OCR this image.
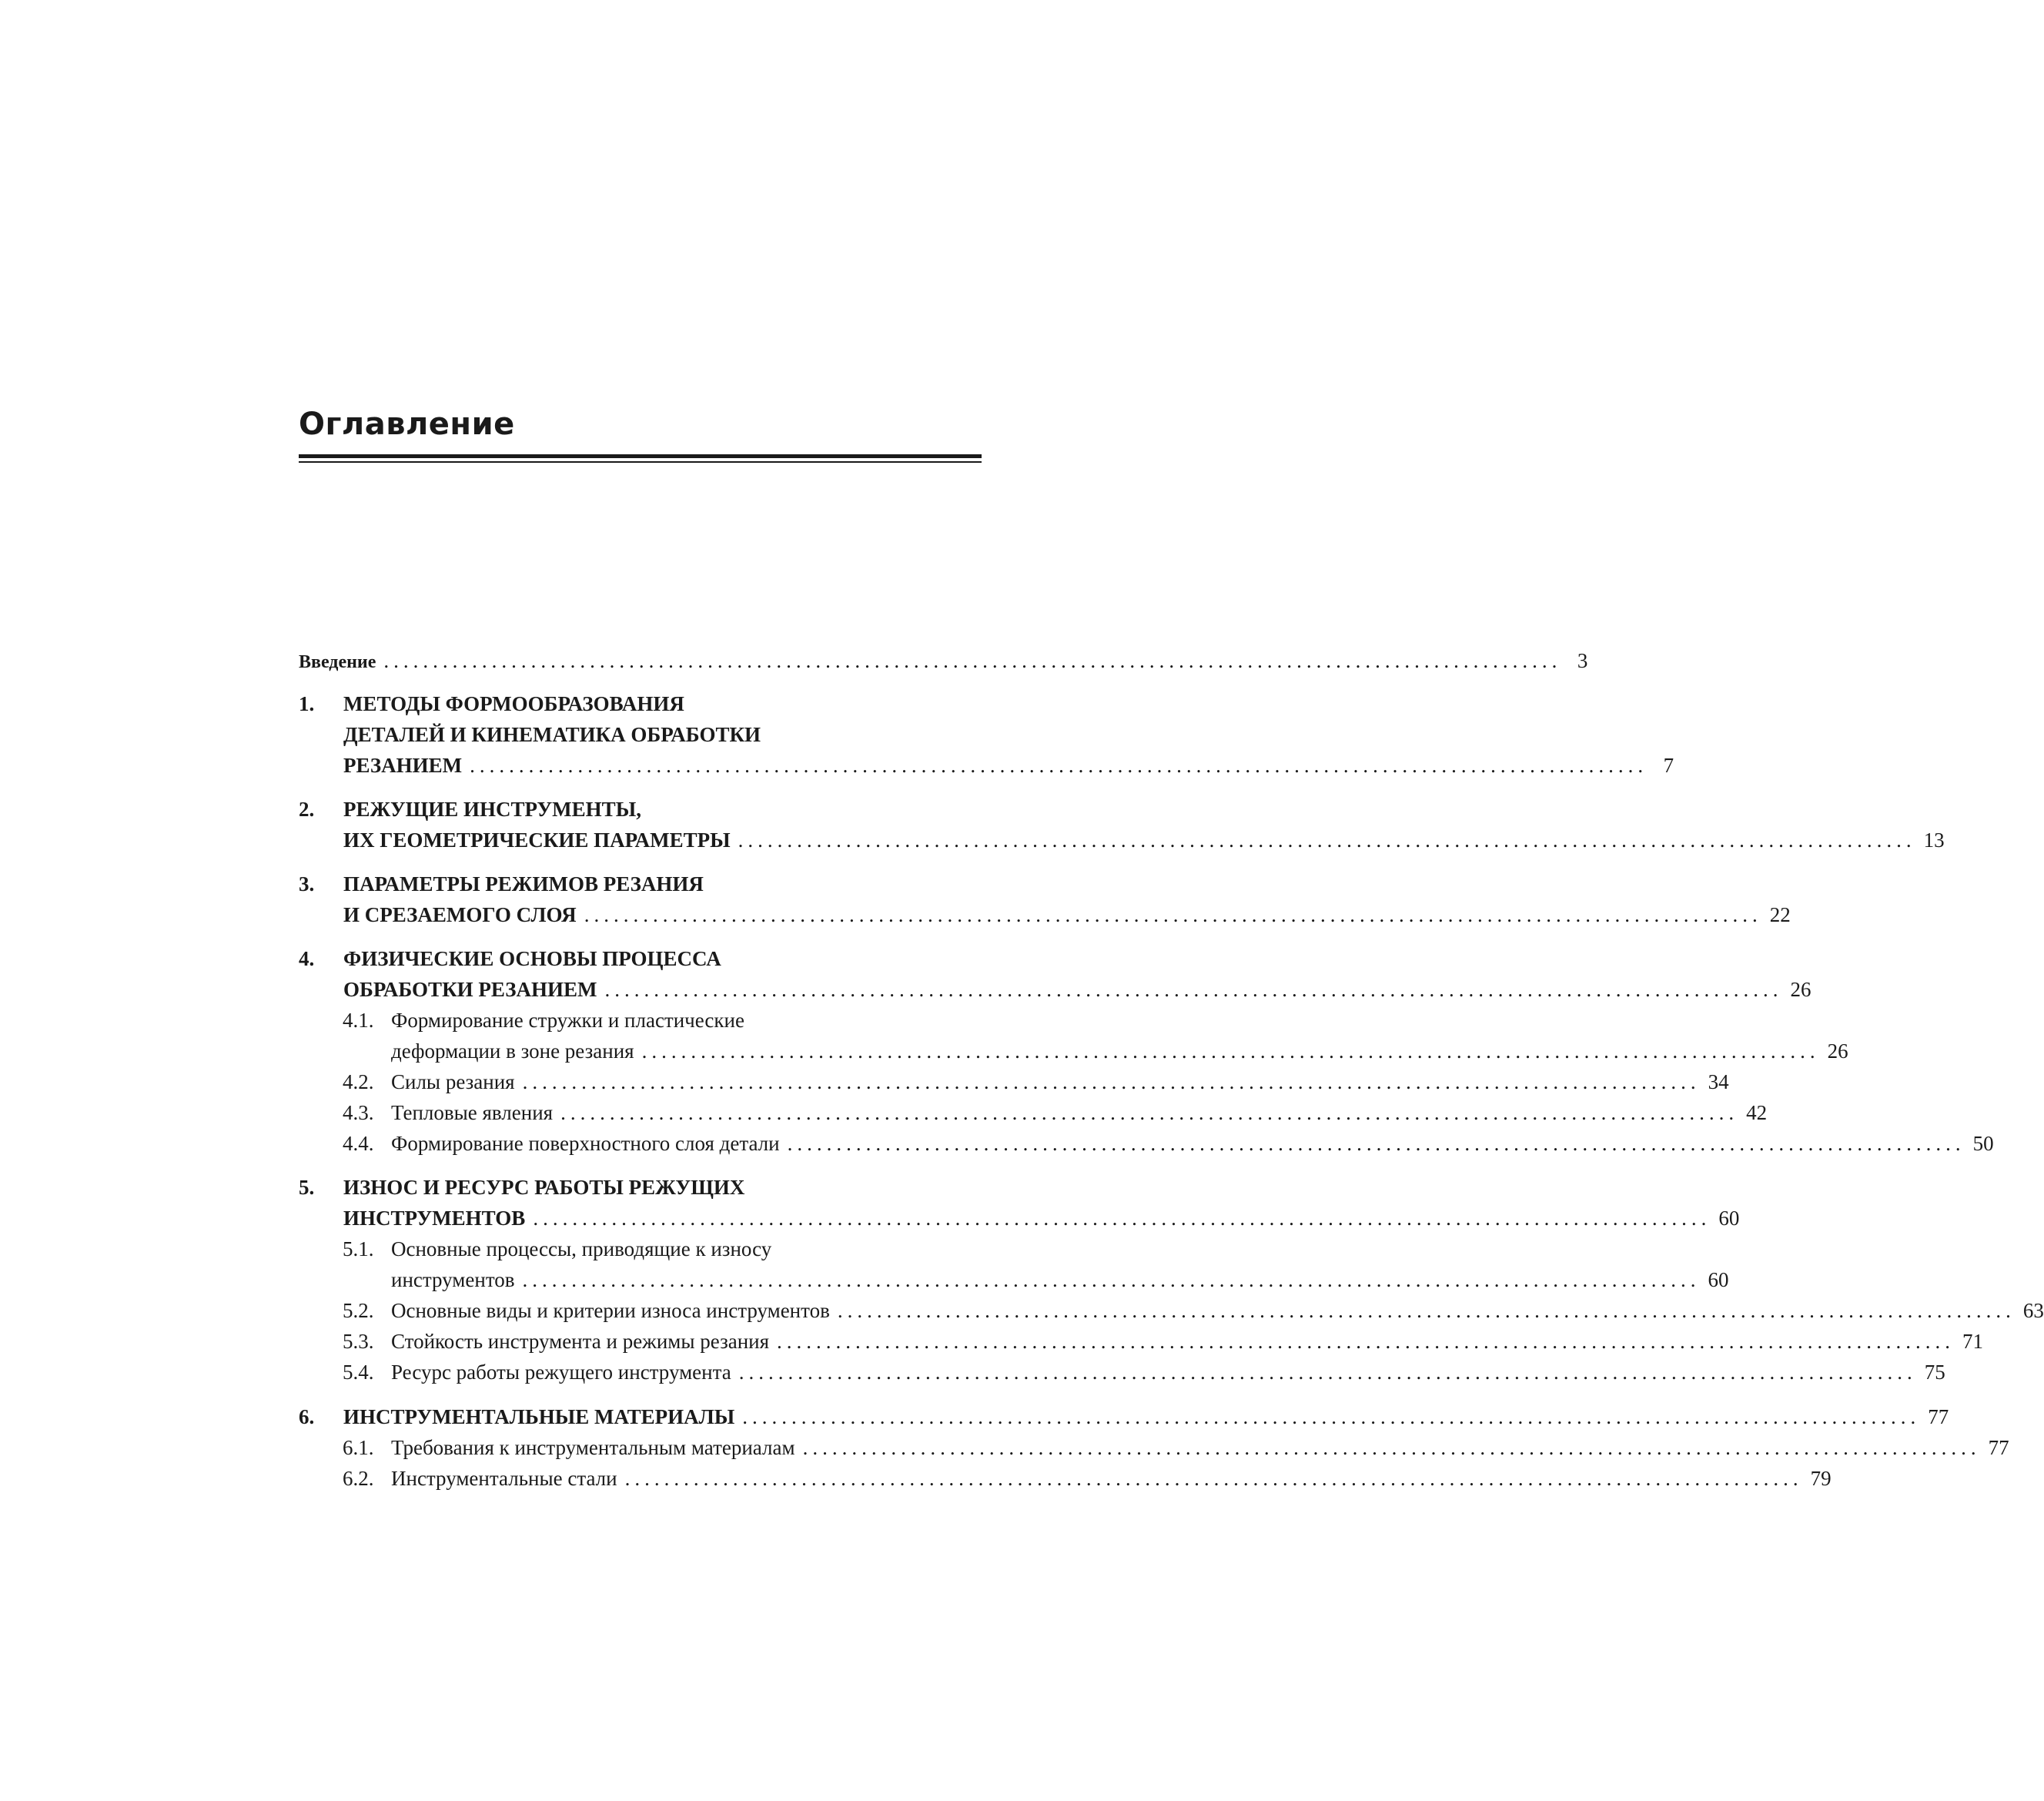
Оглавление
Введение ........................................................................................................................ 3
1. МЕТОДЫ ФОРМООБРАЗОВАНИЯ
ДЕТАЛЕЙ И КИНЕМАТИКА ОБРАБОТКИ
РЕЗАНИЕМ ........................................................................................................................ 7
2. РЕЖУЩИЕ ИНСТРУМЕНТЫ,
ИХ ГЕОМЕТРИЧЕСКИЕ ПАРАМЕТРЫ ........................................................................................................................ 13
3. ПАРАМЕТРЫ РЕЖИМОВ РЕЗАНИЯ
И СРЕЗАЕМОГО СЛОЯ ........................................................................................................................ 22
4. ФИЗИЧЕСКИЕ ОСНОВЫ ПРОЦЕССА
ОБРАБОТКИ РЕЗАНИЕМ ........................................................................................................................ 26
4.1. Формирование стружки и пластические
деформации в зоне резания ........................................................................................................................ 26
4.2. Силы резания ........................................................................................................................ 34
4.3. Тепловые явления ........................................................................................................................ 42
4.4. Формирование поверхностного слоя детали ........................................................................................................................ 50
5. ИЗНОС И РЕСУРС РАБОТЫ РЕЖУЩИХ
ИНСТРУМЕНТОВ ........................................................................................................................ 60
5.1. Основные процессы, приводящие к износу
инструментов ........................................................................................................................ 60
5.2. Основные виды и критерии износа инструментов ........................................................................................................................ 63
5.3. Стойкость инструмента и режимы резания ........................................................................................................................ 71
5.4. Ресурс работы режущего инструмента ........................................................................................................................ 75
6. ИНСТРУМЕНТАЛЬНЫЕ МАТЕРИАЛЫ ........................................................................................................................ 77
6.1. Требования к инструментальным материалам ........................................................................................................................ 77
6.2. Инструментальные стали ........................................................................................................................ 79
